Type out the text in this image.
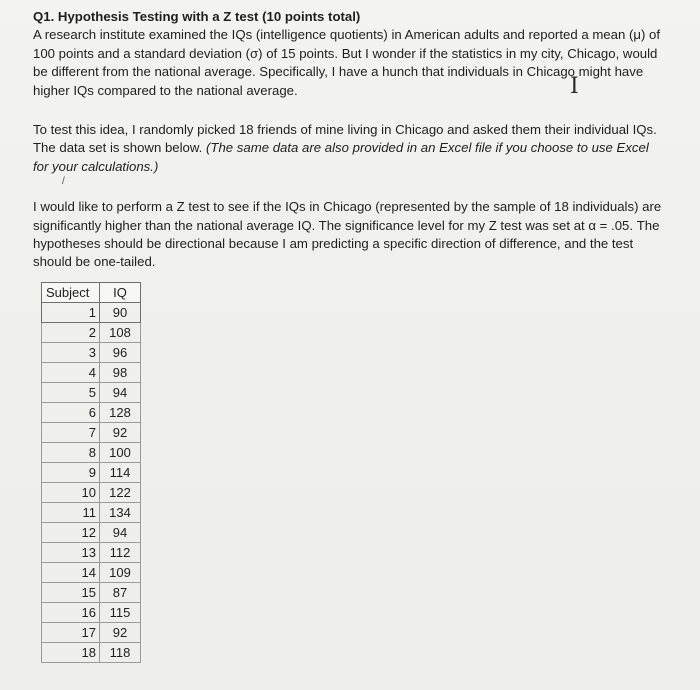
Q1. Hypothesis Testing with a Z test (10 points total)

A research institute examined the IQs (intelligence quotients) in American adults and reported a mean (μ) of 100 points and a standard deviation (σ) of 15 points. But I wonder if the statistics in my city, Chicago, would be different from the national average. Specifically, I have a hunch that individuals in Chicago might have higher IQs compared to the national average.

To test this idea, I randomly picked 18 friends of mine living in Chicago and asked them their individual IQs. The data set is shown below. (The same data are also provided in an Excel file if you choose to use Excel for your calculations.)

I would like to perform a Z test to see if the IQs in Chicago (represented by the sample of 18 individuals) are significantly higher than the national average IQ. The significance level for my Z test was set at α = .05. The hypotheses should be directional because I am predicting a specific direction of difference, and the test should be one-tailed.

I
/
Subject	IQ
1	90
2	108
3	96
4	98
5	94
6	128
7	92
8	100
9	114
10	122
11	134
12	94
13	112
14	109
15	87
16	115
17	92
18	118
